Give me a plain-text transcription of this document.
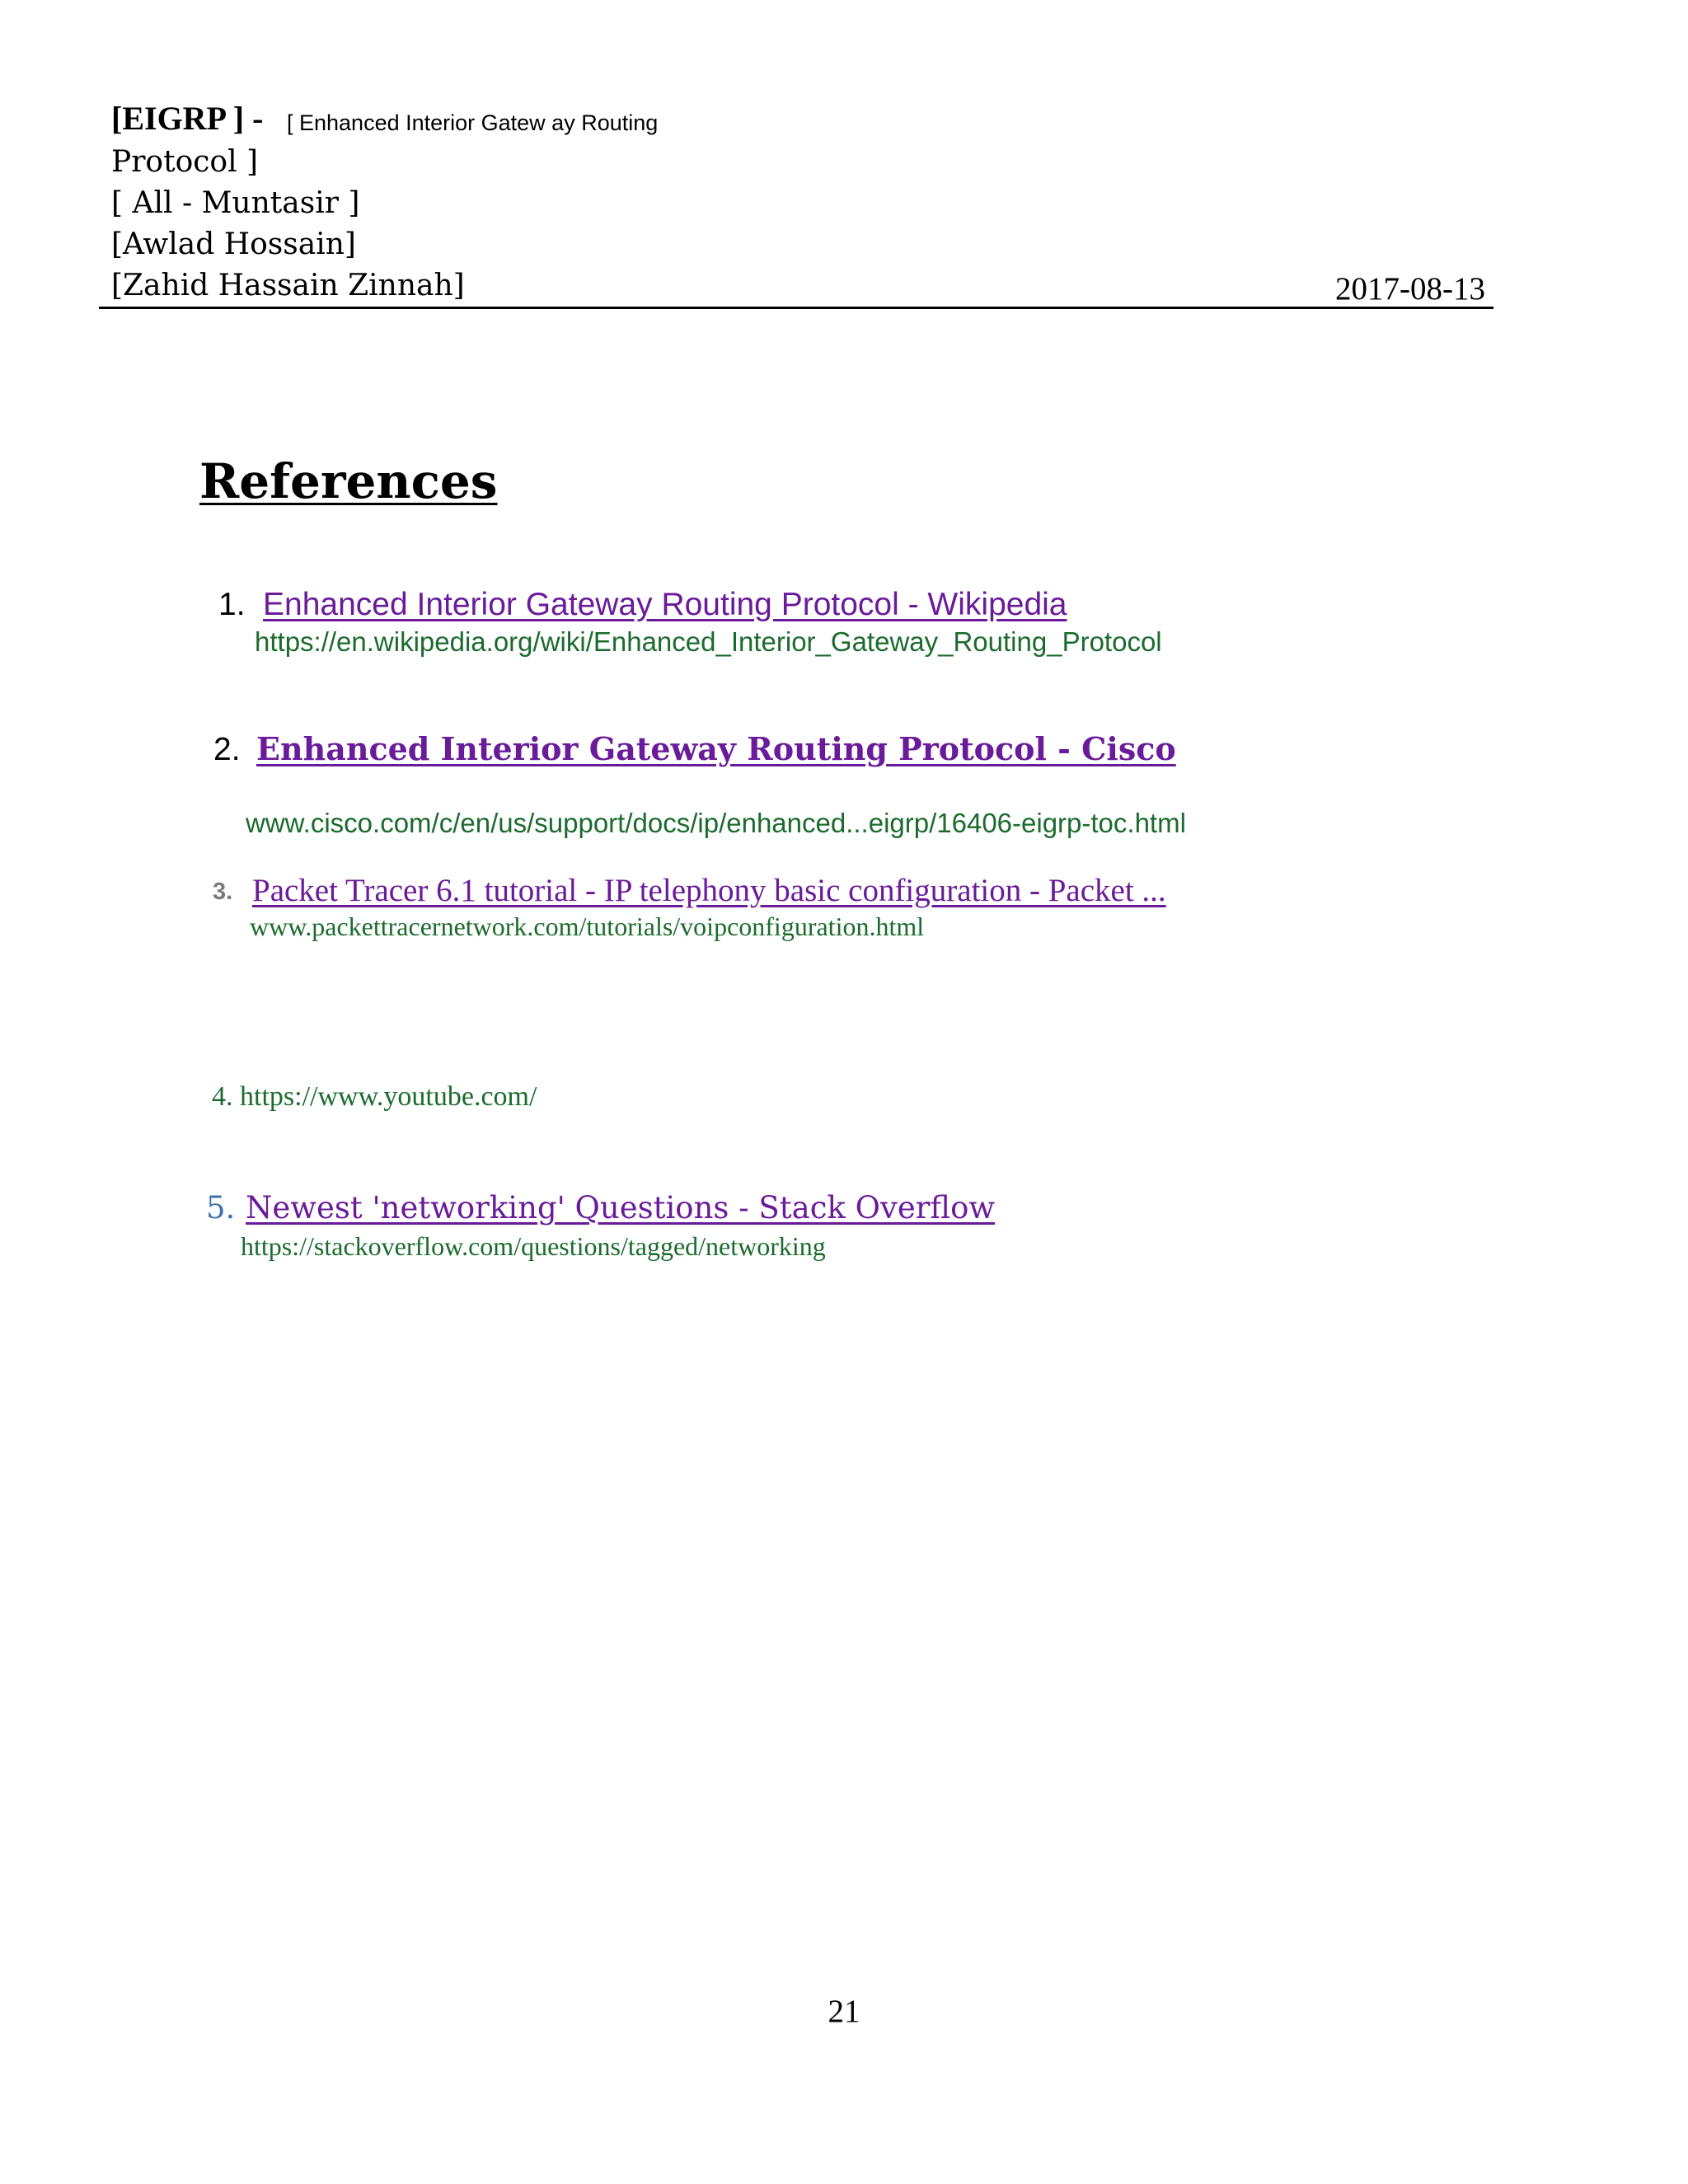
[EIGRP ] - [ Enhanced Interior Gatew ay Routing
Protocol ]
[ All - Muntasir ]
[Awlad Hossain]
[Zahid Hassain Zinnah]	2017-08-13
References
1. Enhanced Interior Gateway Routing Protocol - Wikipedia
https://en.wikipedia.org/wiki/Enhanced_Interior_Gateway_Routing_Protocol
2. Enhanced Interior Gateway Routing Protocol - Cisco
www.cisco.com/c/en/us/support/docs/ip/enhanced...eigrp/16406-eigrp-toc.html
3. Packet Tracer 6.1 tutorial - IP telephony basic configuration - Packet ...
www.packettracernetwork.com/tutorials/voipconfiguration.html
4. https://www.youtube.com/
5. Newest 'networking' Questions - Stack Overflow
https://stackoverflow.com/questions/tagged/networking
21
